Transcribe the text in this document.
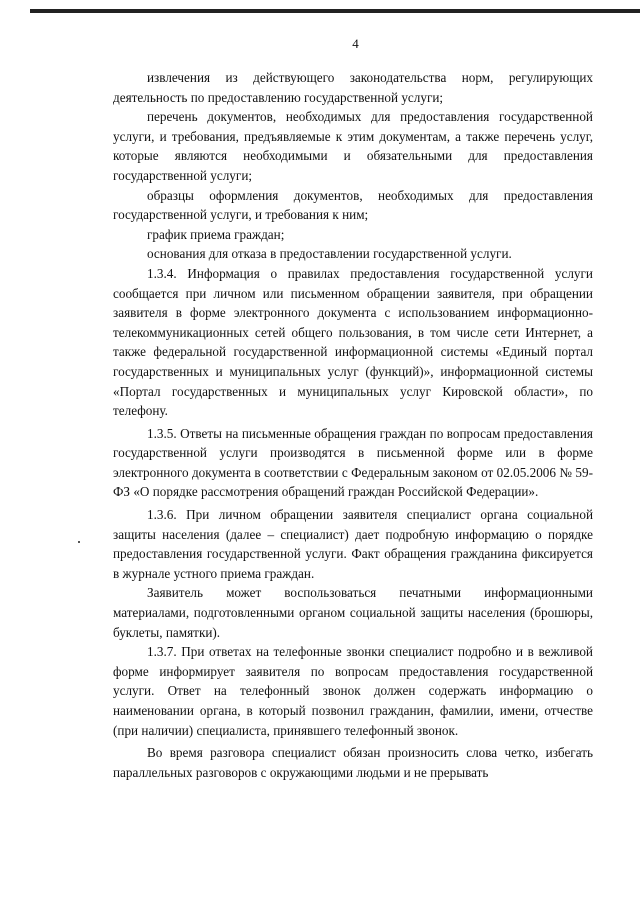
4

извлечения из действующего законодательства норм, регулирующих деятельность по предоставлению государственной услуги;

перечень документов, необходимых для предоставления государственной услуги, и требования, предъявляемые к этим документам, а также перечень услуг, которые являются необходимыми и обязательными для предоставления государственной услуги;

образцы оформления документов, необходимых для предоставления государственной услуги, и требования к ним;

график приема граждан;

основания для отказа в предоставлении государственной услуги.

1.3.4. Информация о правилах предоставления государственной услуги сообщается при личном или письменном обращении заявителя, при обращении заявителя в форме электронного документа с использованием информационно-телекоммуникационных сетей общего пользования, в том числе сети Интернет, а также федеральной государственной информационной системы «Единый портал государственных и муниципальных услуг (функций)», информационной системы «Портал государственных и муниципальных услуг Кировской области», по телефону.

1.3.5. Ответы на письменные обращения граждан по вопросам предоставления государственной услуги производятся в письменной форме или в форме электронного документа в соответствии с Федеральным законом от 02.05.2006 № 59-ФЗ «О порядке рассмотрения обращений граждан Российской Федерации».

1.3.6. При личном обращении заявителя специалист органа социальной защиты населения (далее – специалист) дает подробную информацию о порядке предоставления государственной услуги. Факт обращения гражданина фиксируется в журнале устного приема граждан.

Заявитель может воспользоваться печатными информационными материалами, подготовленными органом социальной защиты населения (брошюры, буклеты, памятки).

1.3.7. При ответах на телефонные звонки специалист подробно и в вежливой форме информирует заявителя по вопросам предоставления государственной услуги. Ответ на телефонный звонок должен содержать информацию о наименовании органа, в который позвонил гражданин, фамилии, имени, отчестве (при наличии) специалиста, принявшего телефонный звонок.

Во время разговора специалист обязан произносить слова четко, избегать параллельных разговоров с окружающими людьми и не прерывать
